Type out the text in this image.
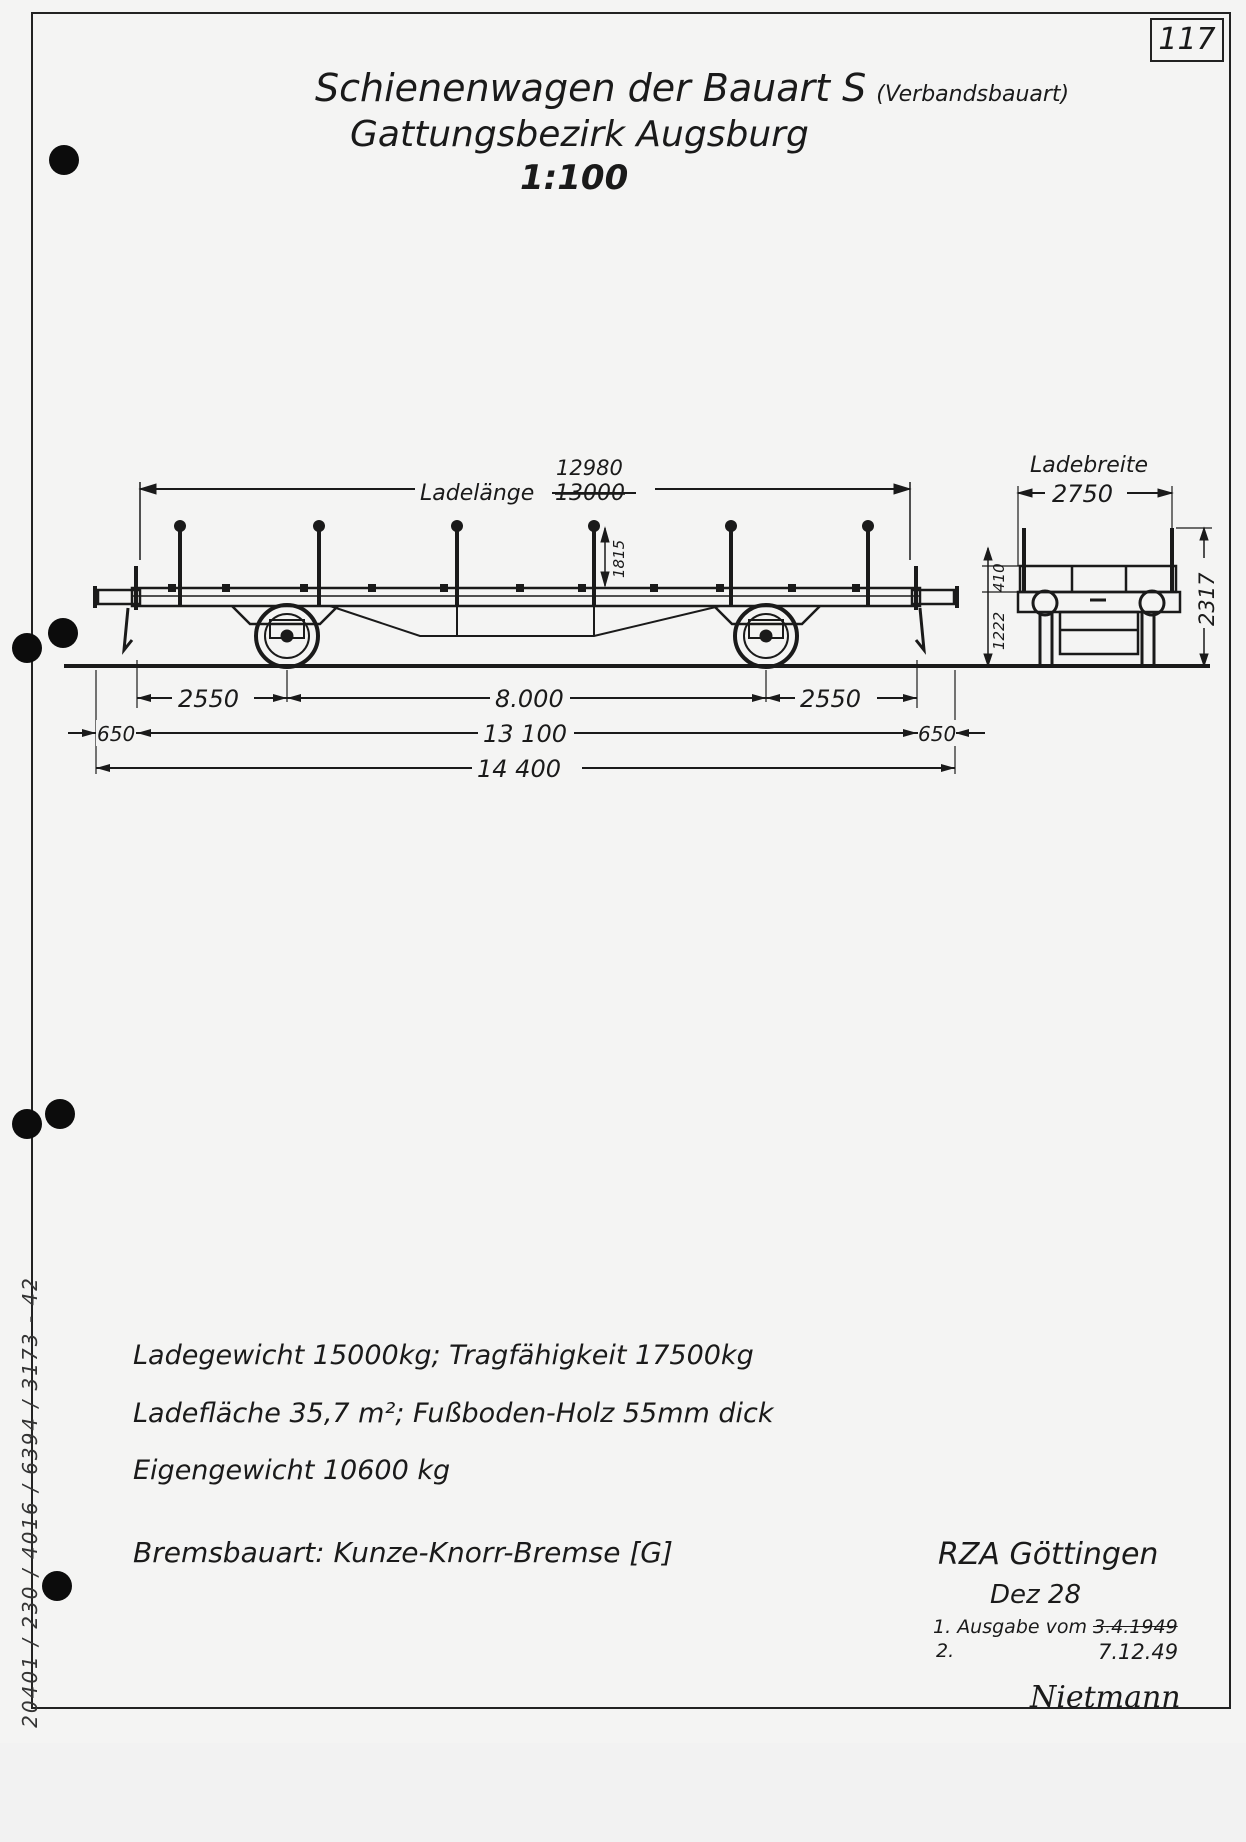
117
20401 / 230 / 4016 / 6394 / 3173 - 42
Schienenwagen der Bauart S (Verbandsbauart)
Gattungsbezirk Augsburg
1:100
Ladelänge 13000
12980
1815
2550	8.000	2550
650	13 100	650
14 400
Ladebreite
2750
410
1222
2317
Ladegewicht 15000kg; Tragfähigkeit 17500kg
Ladefläche 35,7 m²; Fußboden-Holz 55mm dick
Eigengewicht 10600 kg
Bremsbauart: Kunze-Knorr-Bremse [G]	RZA Göttingen
Dez 28
1. Ausgabe vom 3.4.1949
2.	7.12.49
Nietmann
